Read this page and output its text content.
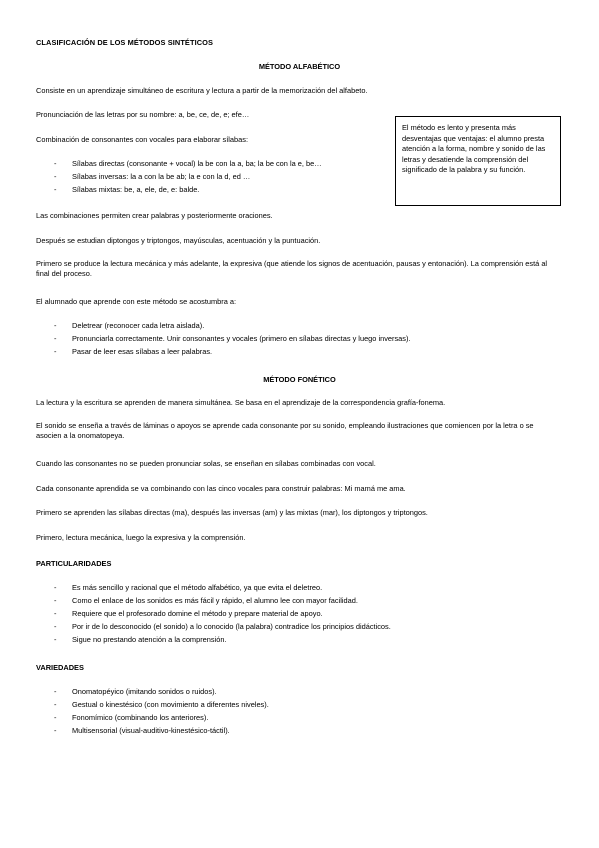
CLASIFICACIÓN DE LOS MÉTODOS SINTÉTICOS
MÉTODO ALFABÉTICO
Consiste en un aprendizaje simultáneo de escritura y lectura a partir de la memorización del alfabeto.
Pronunciación de las letras por su nombre: a, be, ce, de, e; efe…
Combinación de consonantes con vocales para elaborar sílabas:
- Sílabas directas (consonante + vocal) la be con la a, ba; la be con la e, be…
- Sílabas inversas: la a con la be ab; la e con la d, ed …
- Sílabas mixtas: be, a, ele, de, e: balde.
El método es lento y presenta más desventajas que ventajas: el alumno presta atención a la forma, nombre y sonido de las letras y desatiende la comprensión del significado de la palabra y su función.
Las combinaciones permiten crear palabras y posteriormente oraciones.
Después se estudian diptongos y triptongos, mayúsculas, acentuación y la puntuación.
Primero se produce la lectura mecánica y más adelante, la expresiva (que atiende los signos de acentuación, pausas y entonación). La comprensión está al final del proceso.
El alumnado que aprende con este método se acostumbra a:
- Deletrear (reconocer cada letra aislada).
- Pronunciarla correctamente. Unir consonantes y vocales (primero en sílabas directas y luego inversas).
- Pasar de leer esas sílabas a leer palabras.
MÉTODO FONÉTICO
La lectura y la escritura se aprenden de manera simultánea. Se basa en el aprendizaje de la correspondencia grafía-fonema.
El sonido se enseña a través de láminas o apoyos se aprende cada consonante por su sonido, empleando ilustraciones que comiencen por la letra o se asocien a la onomatopeya.
Cuando las consonantes no se pueden pronunciar solas, se enseñan en sílabas combinadas con vocal.
Cada consonante aprendida se va combinando con las cinco vocales para construir palabras: Mi mamá me ama.
Primero se aprenden las sílabas directas (ma), después las inversas (am) y las mixtas (mar), los diptongos y triptongos.
Primero, lectura mecánica, luego la expresiva y la comprensión.
PARTICULARIDADES
- Es más sencillo y racional que el método alfabético, ya que evita el deletreo.
- Como el enlace de los sonidos es más fácil y rápido, el alumno lee con mayor facilidad.
- Requiere que el profesorado domine el método y prepare material de apoyo.
- Por ir de lo desconocido (el sonido) a lo conocido (la palabra) contradice los principios didácticos.
- Sigue no prestando atención a la comprensión.
VARIEDADES
- Onomatopéyico (imitando sonidos o ruidos).
- Gestual o kinestésico (con movimiento a diferentes niveles).
- Fonomímico (combinando los anteriores).
- Multisensorial (visual-auditivo-kinestésico-táctil).
